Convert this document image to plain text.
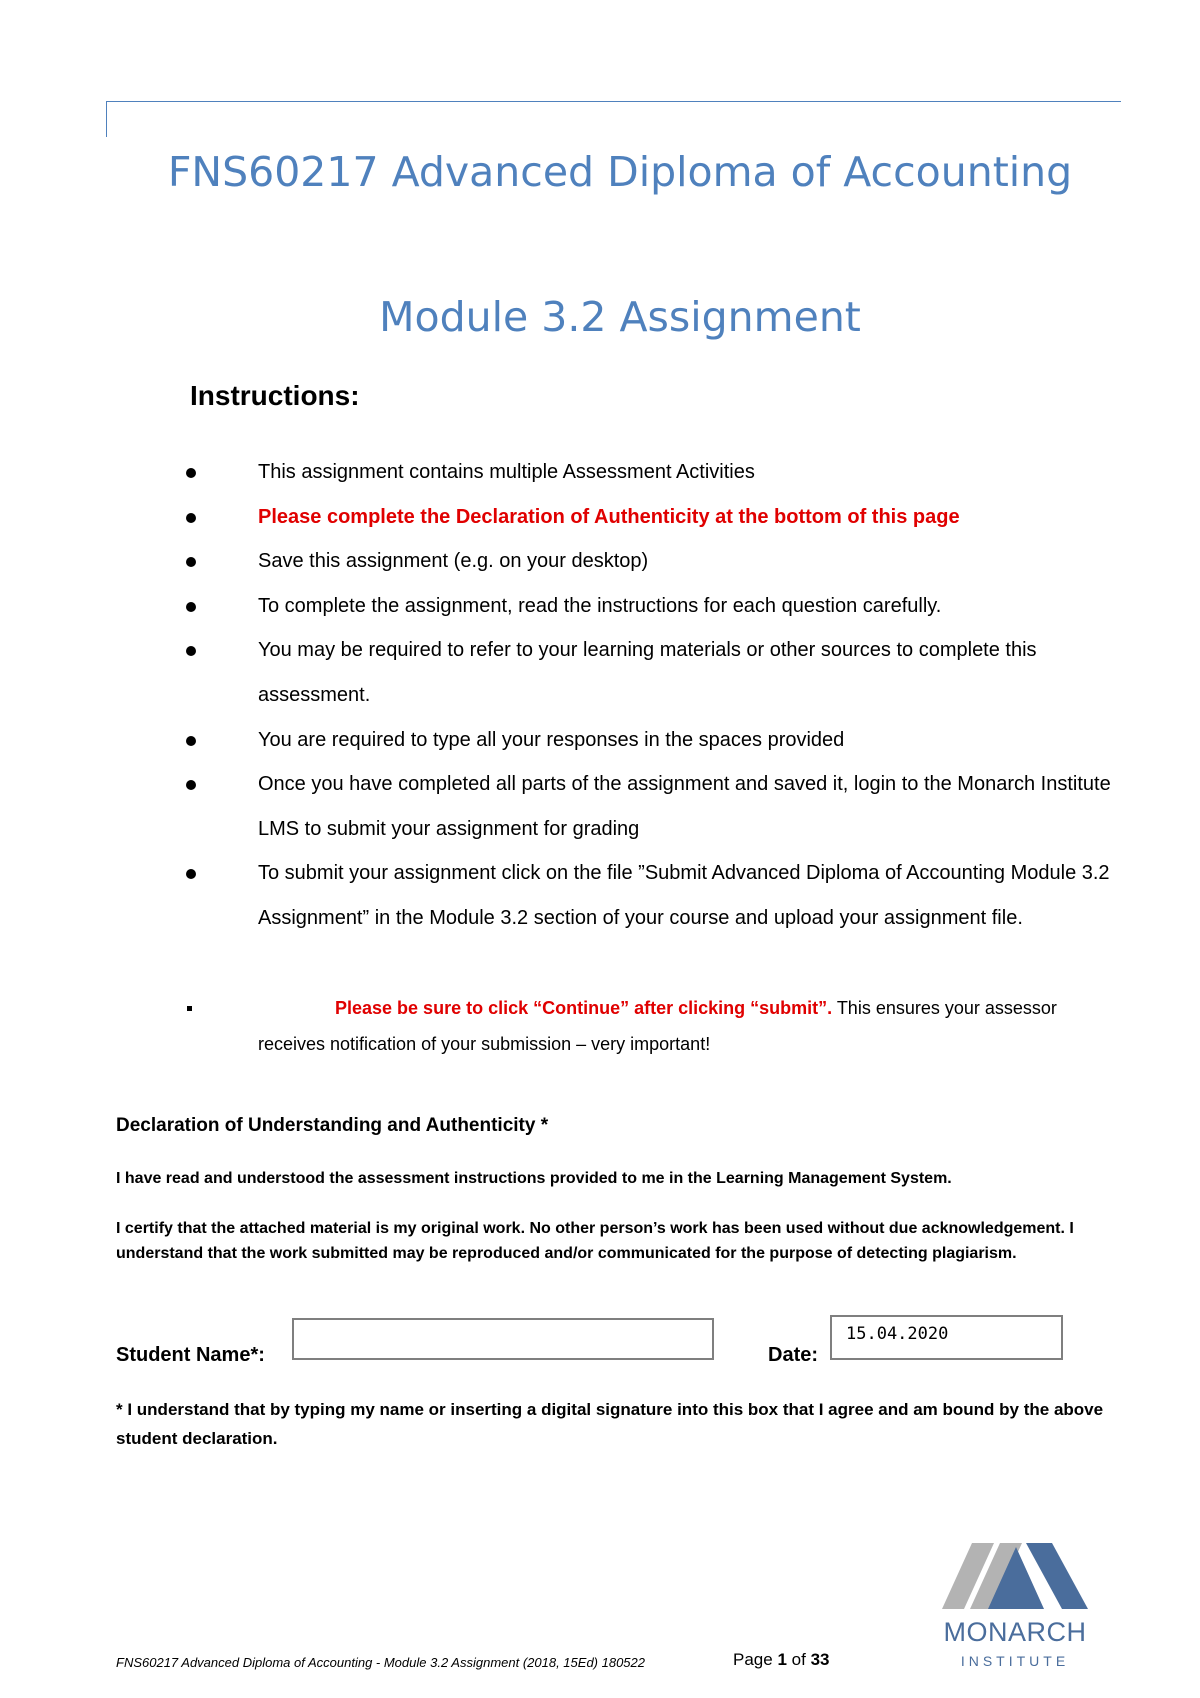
FNS60217 Advanced Diploma of Accounting
Module 3.2 Assignment
Instructions:
This assignment contains multiple Assessment Activities
Please complete the Declaration of Authenticity at the bottom of this page
Save this assignment (e.g. on your desktop)
To complete the assignment, read the instructions for each question carefully.
You may be required to refer to your learning materials or other sources to complete this assessment.
You are required to type all your responses in the spaces provided
Once you have completed all parts of the assignment and saved it, login to the Monarch Institute LMS to submit your assignment for grading
To submit your assignment click on the file ”Submit Advanced Diploma of Accounting Module 3.2 Assignment” in the Module 3.2 section of your course and upload your assignment file.
Please be sure to click “Continue” after clicking “submit”. This ensures your assessor
receives notification of your submission – very important!
Declaration of Understanding and Authenticity *

I have read and understood the assessment instructions provided to me in the Learning Management System.

I certify that the attached material is my original work. No other person’s work has been used without due acknowledgement. I understand that the work submitted may be reproduced and/or communicated for the purpose of detecting plagiarism.

Student Name*:	Date:
15.04.2020

* I understand that by typing my name or inserting a digital signature into this box that I agree and am bound by the above student declaration.

MONARCH
INSTITUTE
FNS60217 Advanced Diploma of Accounting - Module 3.2 Assignment (2018, 15Ed) 180522	Page 1 of 33
